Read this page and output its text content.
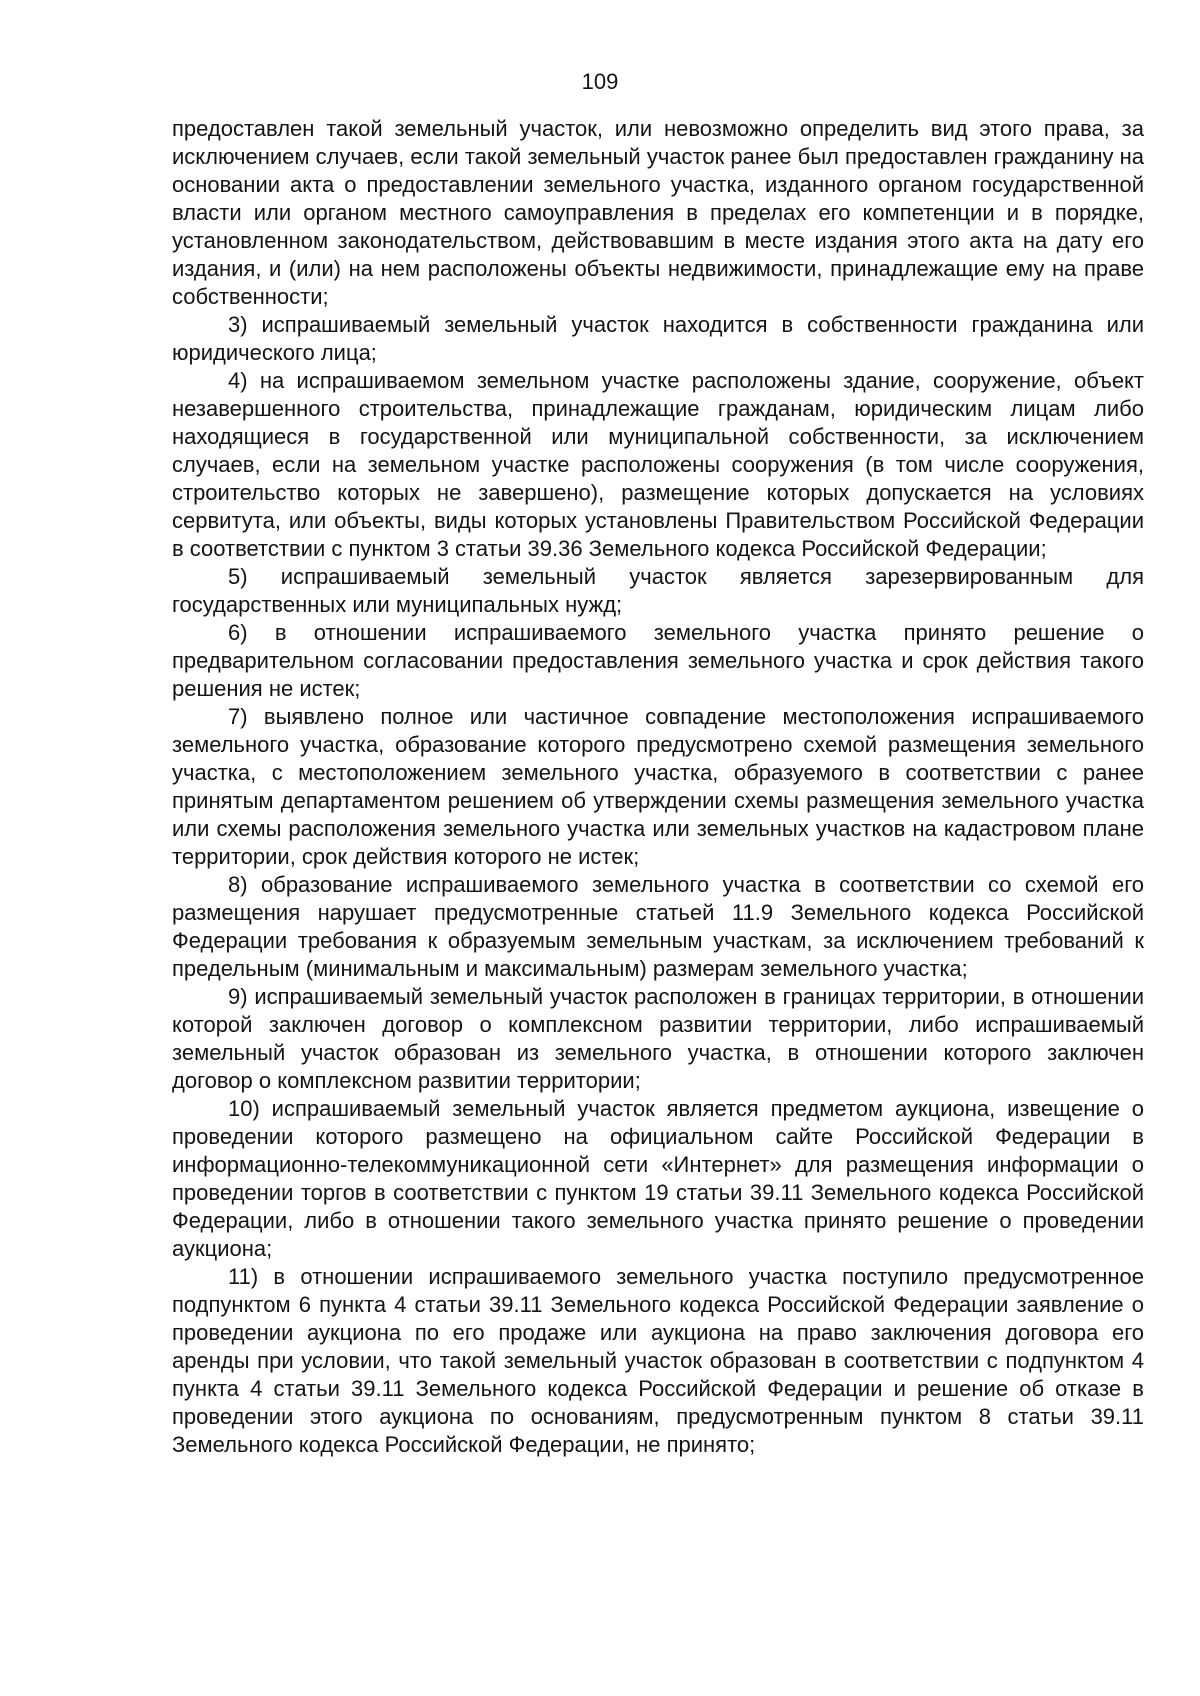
109

предоставлен такой земельный участок, или невозможно определить вид этого права, за исключением случаев, если такой земельный участок ранее был предоставлен гражданину на основании акта о предоставлении земельного участка, изданного органом государственной власти или органом местного самоуправления в пределах его компетенции и в порядке, установленном законодательством, действовавшим в месте издания этого акта на дату его издания, и (или) на нем расположены объекты недвижимости, принадлежащие ему на праве собственности;

3) испрашиваемый земельный участок находится в собственности гражданина или юридического лица;

4) на испрашиваемом земельном участке расположены здание, сооружение, объект незавершенного строительства, принадлежащие гражданам, юридическим лицам либо находящиеся в государственной или муниципальной собственности, за исключением случаев, если на земельном участке расположены сооружения (в том числе сооружения, строительство которых не завершено), размещение которых допускается на условиях сервитута, или объекты, виды которых установлены Правительством Российской Федерации в соответствии с пунктом 3 статьи 39.36 Земельного кодекса Российской Федерации;

5) испрашиваемый земельный участок является зарезервированным для государственных или муниципальных нужд;

6) в отношении испрашиваемого земельного участка принято решение о предварительном согласовании предоставления земельного участка и срок действия такого решения не истек;

7) выявлено полное или частичное совпадение местоположения испрашиваемого земельного участка, образование которого предусмотрено схемой размещения земельного участка, с местоположением земельного участка, образуемого в соответствии с ранее принятым департаментом решением об утверждении схемы размещения земельного участка или схемы расположения земельного участка или земельных участков на кадастровом плане территории, срок действия которого не истек;

8) образование испрашиваемого земельного участка в соответствии со схемой его размещения нарушает предусмотренные статьей 11.9 Земельного кодекса Российской Федерации требования к образуемым земельным участкам, за исключением требований к предельным (минимальным и максимальным) размерам земельного участка;

9) испрашиваемый земельный участок расположен в границах территории, в отношении которой заключен договор о комплексном развитии территории, либо испрашиваемый земельный участок образован из земельного участка, в отношении которого заключен договор о комплексном развитии территории;

10) испрашиваемый земельный участок является предметом аукциона, извещение о проведении которого размещено на официальном сайте Российской Федерации в информационно-телекоммуникационной сети «Интернет» для размещения информации о проведении торгов в соответствии с пунктом 19 статьи 39.11 Земельного кодекса Российской Федерации, либо в отношении такого земельного участка принято решение о проведении аукциона;

11) в отношении испрашиваемого земельного участка поступило предусмотренное подпунктом 6 пункта 4 статьи 39.11 Земельного кодекса Российской Федерации заявление о проведении аукциона по его продаже или аукциона на право заключения договора его аренды при условии, что такой земельный участок образован в соответствии с подпунктом 4 пункта 4 статьи 39.11 Земельного кодекса Российской Федерации и решение об отказе в проведении этого аукциона по основаниям, предусмотренным пунктом 8 статьи 39.11 Земельного кодекса Российской Федерации, не принято;
